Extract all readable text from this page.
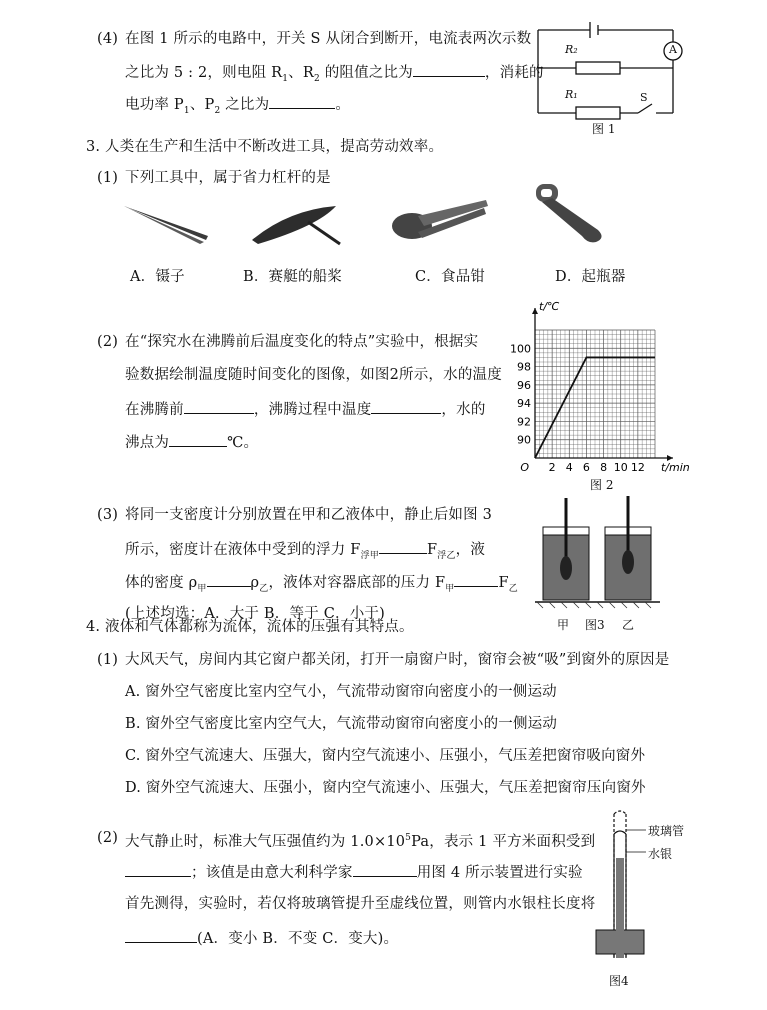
(4) 在图 1 所示的电路中，开关 S 从闭合到断开，电流表两次示数
之比为 5 : 2，则电阻 $R_1$、$R_2$ 的阻值之比为	，消耗的
电功率 $P_1$、$P_2$ 之比为	。
R₂
R₁	S
A
图 1
3. 人类在生产和生活中不断改进工具，提高劳动效率。
(1) 下列工具中，属于省力杠杆的是
A．镊子	B．赛艇的船桨	C．食品钳	D．起瓶器
(2) 在“探究水在沸腾前后温度变化的特点”实验中，根据实
验数据绘制温度随时间变化的图像，如图2所示，水的温度
在沸腾前	，沸腾过程中温度	，水的
沸点为	℃。
2 4 6 8 10 12
90
92
94
96
98
100
O
t/℃
t/min
图 2
(3) 将同一支密度计分别放置在甲和乙液体中，静止后如图 3
所示，密度计在液体中受到的浮力 $F_{浮甲}$	$F_{浮乙}$，液
体的密度 $\rho_甲$	$\rho_乙$，液体对容器底部的压力 $F_甲$	$F_乙$
(上述均选：A．大于 B．等于 C．小于)
甲 图3 乙
4. 液体和气体都称为流体，流体的压强有其特点。
(1) 大风天气，房间内其它窗户都关闭，打开一扇窗户时，窗帘会被“吸”到窗外的原因是
A. 窗外空气密度比室内空气小，气流带动窗帘向密度小的一侧运动
B. 窗外空气密度比室内空气大，气流带动窗帘向密度小的一侧运动
C. 窗外空气流速大、压强大，窗内空气流速小、压强小，气压差把窗帘吸向窗外
D. 窗外空气流速大、压强小，窗内空气流速小、压强大，气压差把窗帘压向窗外
(2) 大气静止时，标准大气压强值约为 $1.0\times 10^5Pa$，表示 1 平方米面积受到
；该值是由意大利科学家	用图 4 所示装置进行实验
首先测得，实验时，若仅将玻璃管提升至虚线位置，则管内水银柱长度将
(A．变小 B．不变 C．变大)。
玻璃管
水银
图4
